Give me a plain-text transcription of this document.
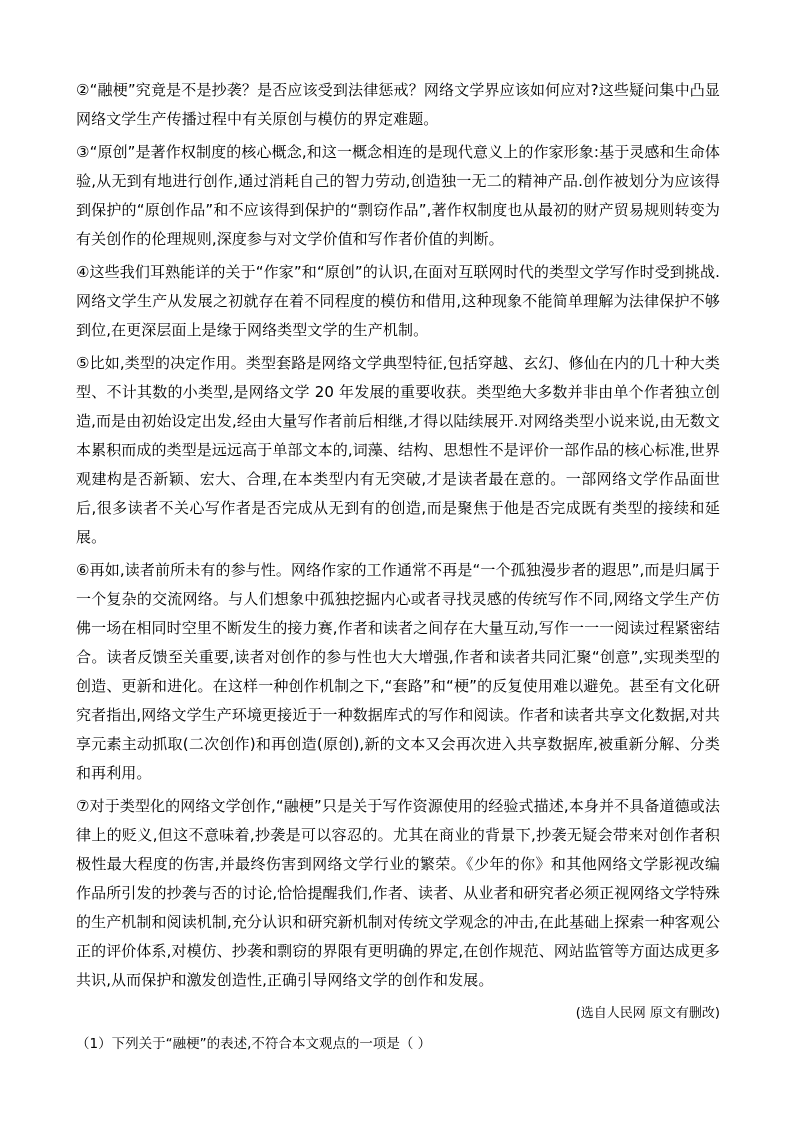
②“融梗”究竟是不是抄袭？是否应该受到法律惩戒？网络文学界应该如何应对?这些疑问集中凸显网络文学生产传播过程中有关原创与模仿的界定难题。

③“原创”是著作权制度的核心概念,和这一概念相连的是现代意义上的作家形象:基于灵感和生命体验,从无到有地进行创作,通过消耗自己的智力劳动,创造独一无二的精神产品.创作被划分为应该得到保护的“原创作品”和不应该得到保护的“剽窃作品”,著作权制度也从最初的财产贸易规则转变为有关创作的伦理规则,深度参与对文学价值和写作者价值的判断。

④这些我们耳熟能详的关于“作家”和“原创”的认识,在面对互联网时代的类型文学写作时受到挑战.网络文学生产从发展之初就存在着不同程度的模仿和借用,这种现象不能简单理解为法律保护不够到位,在更深层面上是缘于网络类型文学的生产机制。

⑤比如,类型的决定作用。类型套路是网络文学典型特征,包括穿越、玄幻、修仙在内的几十种大类型、不计其数的小类型,是网络文学 20 年发展的重要收获。类型绝大多数并非由单个作者独立创造,而是由初始设定出发,经由大量写作者前后相继,才得以陆续展开.对网络类型小说来说,由无数文本累积而成的类型是远远高于单部文本的,词藻、结构、思想性不是评价一部作品的核心标准,世界观建构是否新颖、宏大、合理,在本类型内有无突破,才是读者最在意的。一部网络文学作品面世后,很多读者不关心写作者是否完成从无到有的创造,而是聚焦于他是否完成既有类型的接续和延展。

⑥再如,读者前所未有的参与性。网络作家的工作通常不再是“一个孤独漫步者的遐思”,而是归属于一个复杂的交流网络。与人们想象中孤独挖掘内心或者寻找灵感的传统写作不同,网络文学生产仿佛一场在相同时空里不断发生的接力赛,作者和读者之间存在大量互动,写作一一一阅读过程紧密结合。读者反馈至关重要,读者对创作的参与性也大大增强,作者和读者共同汇聚“创意”,实现类型的创造、更新和进化。在这样一种创作机制之下,“套路”和“梗”的反复使用难以避免。甚至有文化研究者指出,网络文学生产环境更接近于一种数据库式的写作和阅读。作者和读者共享文化数据,对共享元素主动抓取(二次创作)和再创造(原创),新的文本又会再次进入共享数据库,被重新分解、分类和再利用。

⑦对于类型化的网络文学创作,“融梗”只是关于写作资源使用的经验式描述,本身并不具备道德或法律上的贬义,但这不意味着,抄袭是可以容忍的。尤其在商业的背景下,抄袭无疑会带来对创作者积极性最大程度的伤害,并最终伤害到网络文学行业的繁荣。《少年的你》和其他网络文学影视改编作品所引发的抄袭与否的讨论,恰恰提醒我们,作者、读者、从业者和研究者必须正视网络文学特殊的生产机制和阅读机制,充分认识和研究新机制对传统文学观念的冲击,在此基础上探索一种客观公正的评价体系,对模仿、抄袭和剽窃的界限有更明确的界定,在创作规范、网站监管等方面达成更多共识,从而保护和激发创造性,正确引导网络文学的创作和发展。

(选自人民网 原文有删改)
（1）下列关于“融梗”的表述,不符合本文观点的一项是（ ）
